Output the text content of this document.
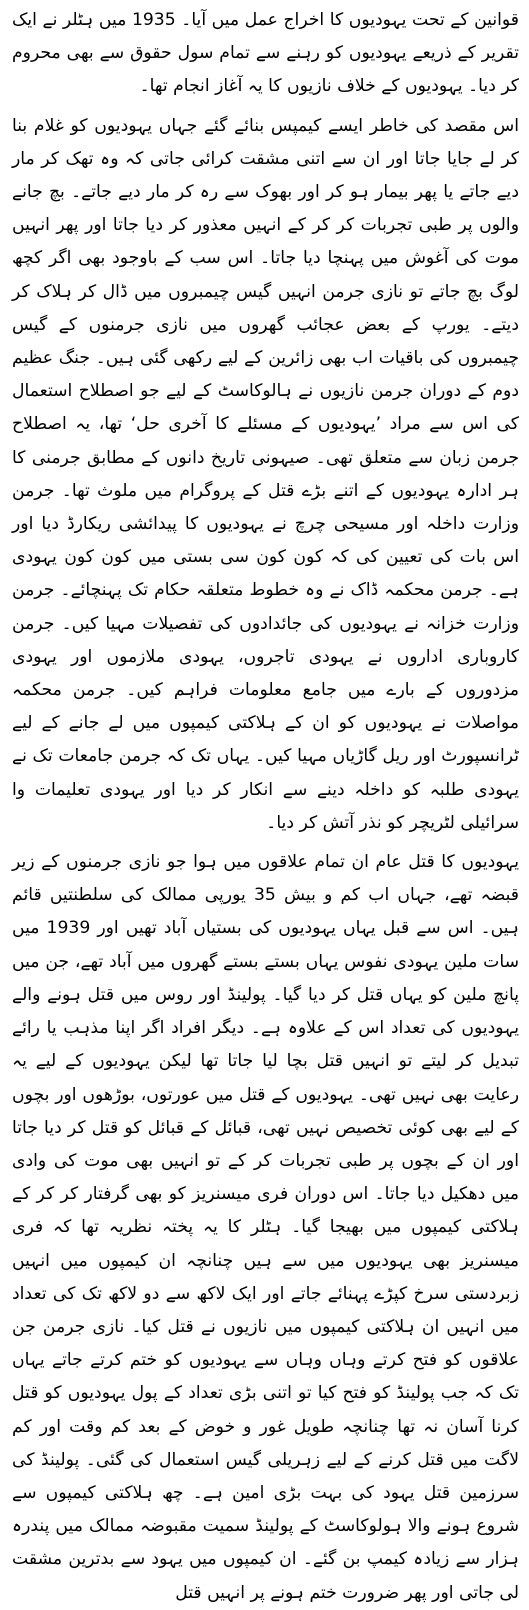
قوانین کے تحت یہودیوں کا اخراج عمل میں آیا۔ 1935 میں ہٹلر نے ایک تقریر کے ذریعے یہودیوں کو رہنے سے تمام سول حقوق سے بھی محروم کر دیا۔ یہودیوں کے خلاف نازیوں کا یہ آغاز انجام تھا۔

اس مقصد کی خاطر ایسے کیمپس بنائے گئے جہاں یہودیوں کو غلام بنا کر لے جایا جاتا اور ان سے اتنی مشقت کرائی جاتی کہ وہ تھک کر مار دیے جاتے یا پھر بیمار ہو کر اور بھوک سے رہ کر مار دیے جاتے۔ بچ جانے والوں پر طبی تجربات کر کر کے انہیں معذور کر دیا جاتا اور پھر انہیں موت کی آغوش میں پہنچا دیا جاتا۔ اس سب کے باوجود بھی اگر کچھ لوگ بچ جاتے تو نازی جرمن انہیں گیس چیمبروں میں ڈال کر ہلاک کر دیتے۔ یورپ کے بعض عجائب گھروں میں نازی جرمنوں کے گیس چیمبروں کی باقیات اب بھی زائرین کے لیے رکھی گئی ہیں۔ جنگ عظیم دوم کے دوران جرمن نازیوں نے ہالوکاسٹ کے لیے جو اصطلاح استعمال کی اس سے مراد ’یہودیوں کے مسئلے کا آخری حل‘ تھا، یہ اصطلاح جرمن زبان سے متعلق تھی۔ صیہونی تاریخ دانوں کے مطابق جرمنی کا ہر ادارہ یہودیوں کے اتنے بڑے قتل کے پروگرام میں ملوث تھا۔ جرمن وزارت داخلہ اور مسیحی چرچ نے یہودیوں کا پیدائشی ریکارڈ دیا اور اس بات کی تعیین کی کہ کون کون سی بستی میں کون کون یہودی ہے۔ جرمن محکمہ ڈاک نے وہ خطوط متعلقہ حکام تک پہنچائے۔ جرمن وزارت خزانہ نے یہودیوں کی جائدادوں کی تفصیلات مہیا کیں۔ جرمن کاروباری اداروں نے یہودی تاجروں، یہودی ملازموں اور یہودی مزدوروں کے بارے میں جامع معلومات فراہم کیں۔ جرمن محکمہ مواصلات نے یہودیوں کو ان کے ہلاکتی کیمپوں میں لے جانے کے لیے ٹرانسپورٹ اور ریل گاڑیاں مہیا کیں۔ یہاں تک کہ جرمن جامعات تک نے یہودی طلبہ کو داخلہ دینے سے انکار کر دیا اور یہودی تعلیمات وا سرائیلی لٹریچر کو نذر آتش کر دیا۔

یہودیوں کا قتل عام ان تمام علاقوں میں ہوا جو نازی جرمنوں کے زیر قبضہ تھے، جہاں اب کم و بیش 35 یورپی ممالک کی سلطنتیں قائم ہیں۔ اس سے قبل یہاں یہودیوں کی بستیاں آباد تھیں اور 1939 میں سات ملین یہودی نفوس یہاں بستے بستے گھروں میں آباد تھے، جن میں پانچ ملین کو یہاں قتل کر دیا گیا۔ پولینڈ اور روس میں قتل ہونے والے یہودیوں کی تعداد اس کے علاوہ ہے۔ دیگر افراد اگر اپنا مذہب یا رائے تبدیل کر لیتے تو انہیں قتل بچا لیا جاتا تھا لیکن یہودیوں کے لیے یہ رعایت بھی نہیں تھی۔ یہودیوں کے قتل میں عورتوں، بوڑھوں اور بچوں کے لیے بھی کوئی تخصیص نہیں تھی، قبائل کے قبائل کو قتل کر دیا جاتا اور ان کے بچوں پر طبی تجربات کر کے تو انہیں بھی موت کی وادی میں دھکیل دیا جاتا۔ اس دوران فری میسنریز کو بھی گرفتار کر کر کے ہلاکتی کیمپوں میں بھیجا گیا۔ ہٹلر کا یہ پختہ نظریہ تھا کہ فری میسنریز بھی یہودیوں میں سے ہیں چنانچہ ان کیمپوں میں انہیں زبردستی سرخ کپڑے پہنائے جاتے اور ایک لاکھ سے دو لاکھ تک کی تعداد میں انہیں ان ہلاکتی کیمپوں میں نازیوں نے قتل کیا۔ نازی جرمن جن علاقوں کو فتح کرتے وہاں وہاں سے یہودیوں کو ختم کرتے جاتے یہاں تک کہ جب پولینڈ کو فتح کیا تو اتنی بڑی تعداد کے پول یہودیوں کو قتل کرنا آسان نہ تھا چنانچہ طویل غور و خوض کے بعد کم وقت اور کم لاگت میں قتل کرنے کے لیے زہریلی گیس استعمال کی گئی۔ پولینڈ کی سرزمین قتل یہود کی بہت بڑی امین ہے۔ چھ ہلاکتی کیمپوں سے شروع ہونے والا ہولوکاسٹ کے پولینڈ سمیت مقبوضہ ممالک میں پندرہ ہزار سے زیادہ کیمپ بن گئے۔ ان کیمپوں میں یہود سے بدترین مشقت لی جاتی اور پھر ضرورت ختم ہونے پر انہیں قتل
